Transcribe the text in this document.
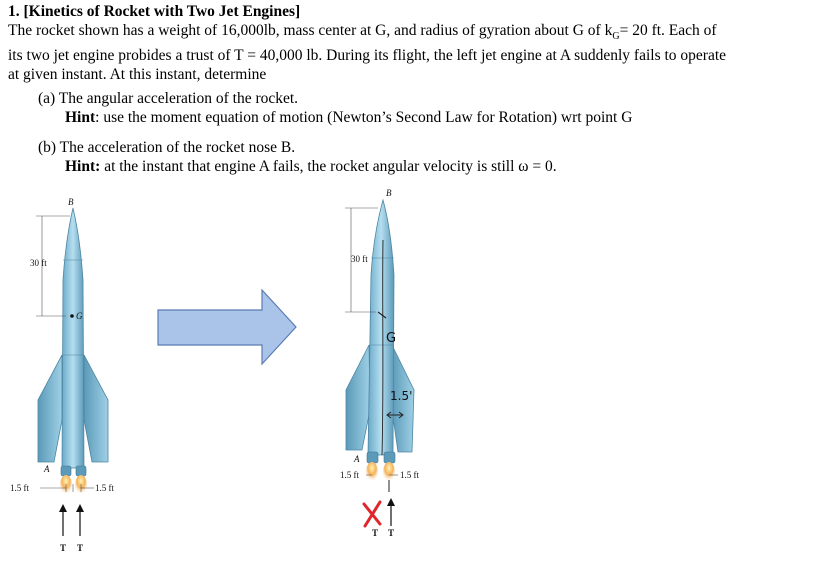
1. [Kinetics of Rocket with Two Jet Engines]
The rocket shown has a weight of 16,000lb, mass center at G, and radius of gyration about G of $k_G= 20$ ft. Each of
its two jet engine probides a trust of T = 40,000 lb. During its flight, the left jet engine at A suddenly fails to operate
at given instant. At this instant, determine
(a) The angular acceleration of the rocket.
Hint: use the moment equation of motion (Newton’s Second Law for Rotation) wrt point G
(b) The acceleration of the rocket nose B.
Hint: at the instant that engine A fails, the rocket angular velocity is still ω = 0.
G
B
A
30 ft
1.5 ft	1.5 ft
T T
B
A
G
1.5'
30 ft
1.5 ft	1.5 ft
T T
